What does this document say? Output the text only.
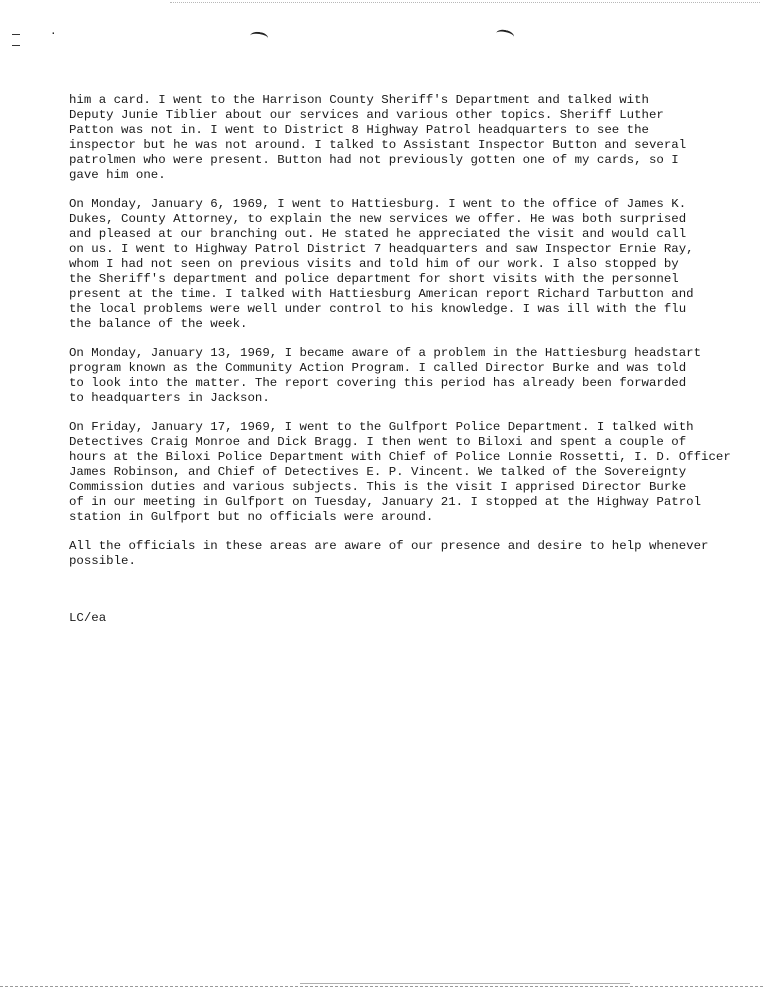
·

him a card. I went to the Harrison County Sheriff's Department and talked with
Deputy Junie Tiblier about our services and various other topics. Sheriff Luther
Patton was not in. I went to District 8 Highway Patrol headquarters to see the
inspector but he was not around. I talked to Assistant Inspector Button and several
patrolmen who were present. Button had not previously gotten one of my cards, so I
gave him one.

On Monday, January 6, 1969, I went to Hattiesburg. I went to the office of James K.
Dukes, County Attorney, to explain the new services we offer. He was both surprised
and pleased at our branching out. He stated he appreciated the visit and would call
on us. I went to Highway Patrol District 7 headquarters and saw Inspector Ernie Ray,
whom I had not seen on previous visits and told him of our work. I also stopped by
the Sheriff's department and police department for short visits with the personnel
present at the time. I talked with Hattiesburg American report Richard Tarbutton and
the local problems were well under control to his knowledge. I was ill with the flu
the balance of the week.

On Monday, January 13, 1969, I became aware of a problem in the Hattiesburg headstart
program known as the Community Action Program. I called Director Burke and was told
to look into the matter. The report covering this period has already been forwarded
to headquarters in Jackson.

On Friday, January 17, 1969, I went to the Gulfport Police Department. I talked with
Detectives Craig Monroe and Dick Bragg. I then went to Biloxi and spent a couple of
hours at the Biloxi Police Department with Chief of Police Lonnie Rossetti, I. D. Officer
James Robinson, and Chief of Detectives E. P. Vincent. We talked of the Sovereignty
Commission duties and various subjects. This is the visit I apprised Director Burke
of in our meeting in Gulfport on Tuesday, January 21. I stopped at the Highway Patrol
station in Gulfport but no officials were around.

All the officials in these areas are aware of our presence and desire to help whenever
possible.

LC/ea
